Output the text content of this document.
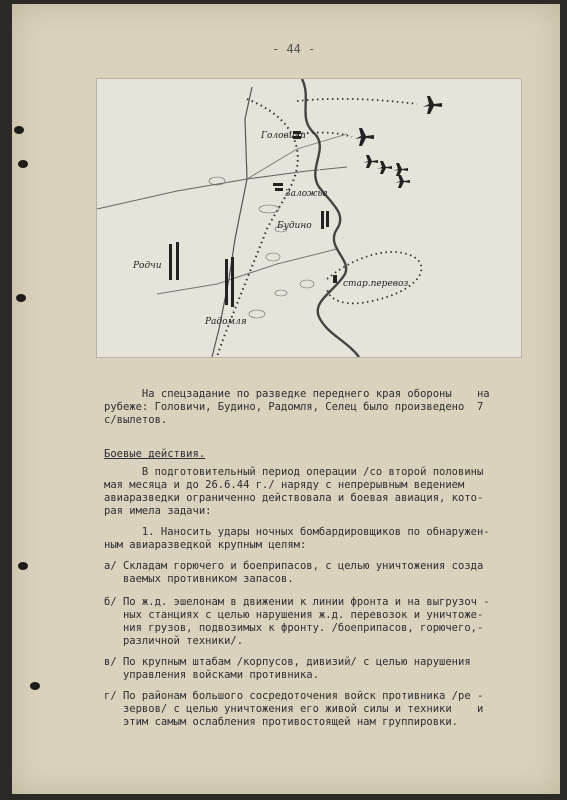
- 44 -
Головичи
Заложье
Будино
Родчи
Радомля
стар.перевоз
На спецзадание по разведке переднего края обороны    на
рубеже: Головичи, Будино, Радомля, Селец было произведено  7
с/вылетов.
Боевые действия.
В подготовительный период операции /со второй половины
мая месяца и до 26.6.44 г./ наряду с непрерывным ведением
авиаразведки ограниченно действовала и боевая авиация, кото-
рая имела задачи:
1. Наносить удары ночных бомбардировщиков по обнаружен-
ным авиаразведкой крупным целям:
а/ Складам горючего и боеприпасов, с целью уничтожения созда
ваемых противником запасов.
б/ По ж.д. эшелонам в движении к линии фронта и на выгрузоч -
ных станциях с целью нарушения ж.д. перевозок и уничтоже-
ния грузов, подвозимых к фронту. /боеприпасов, горючего,-
различной техники/.
в/ По крупным штабам /корпусов, дивизий/ с целью нарушения
управления войсками противника.
г/ По районам большого сосредоточения войск противника /ре -
зервов/ с целью уничтожения его живой силы и техники    и
этим самым ослабления противостоящей нам группировки.
